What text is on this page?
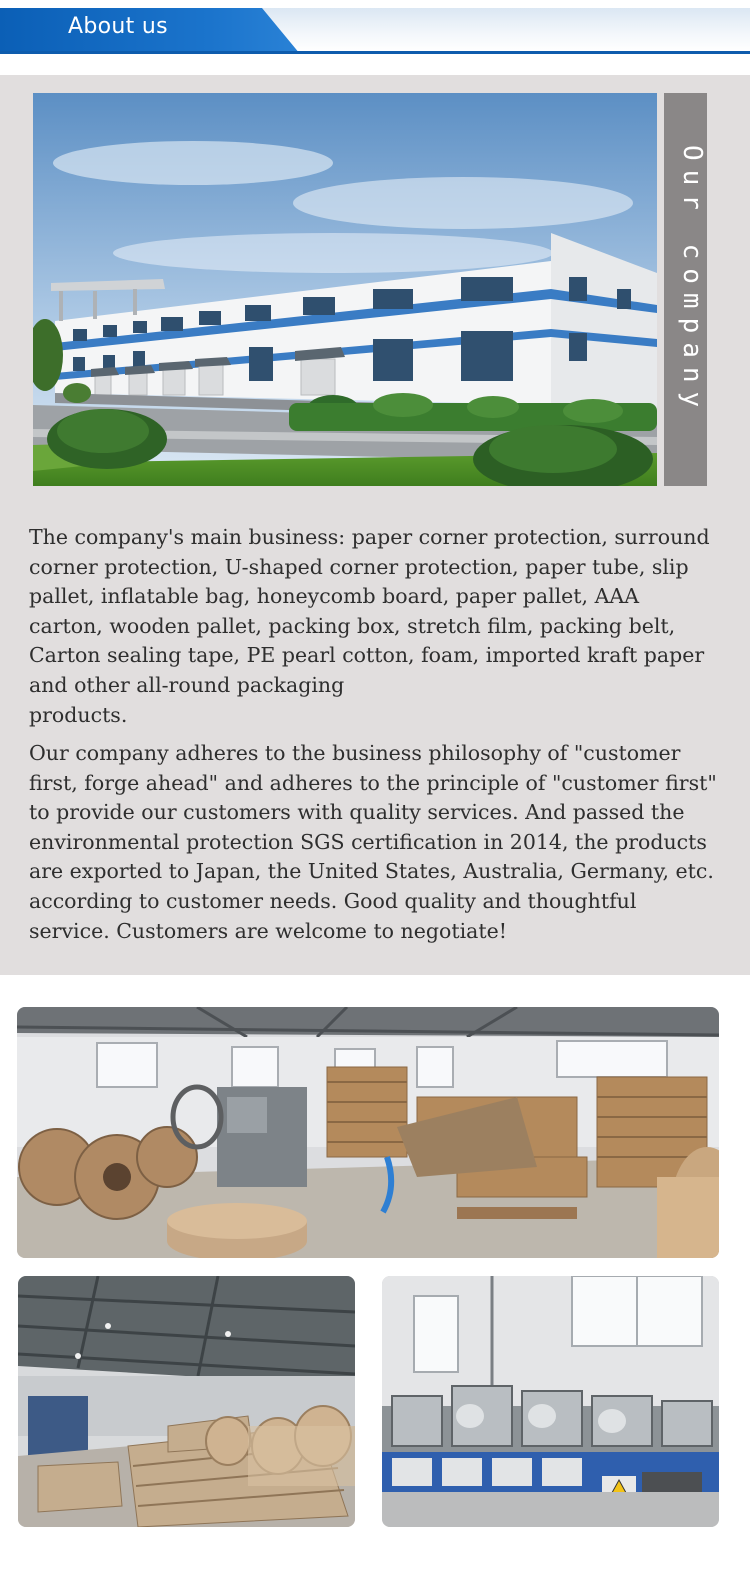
About us
Our company

The company's main business: paper corner protection, surround corner protection, U-shaped corner protection, paper tube, slip pallet, inflatable bag, honeycomb board, paper pallet, AAA carton, wooden pallet, packing box, stretch film, packing belt, Carton sealing tape, PE pearl cotton, foam, imported kraft paper and other all-round packaging
products.

Our company adheres to the business philosophy of "customer first, forge ahead" and adheres to the principle of "customer first" to provide our customers with quality services. And passed the environmental protection SGS certification in 2014, the products are exported to Japan, the United States, Australia, Germany, etc. according to customer needs. Good quality and thoughtful service. Customers are welcome to negotiate!
